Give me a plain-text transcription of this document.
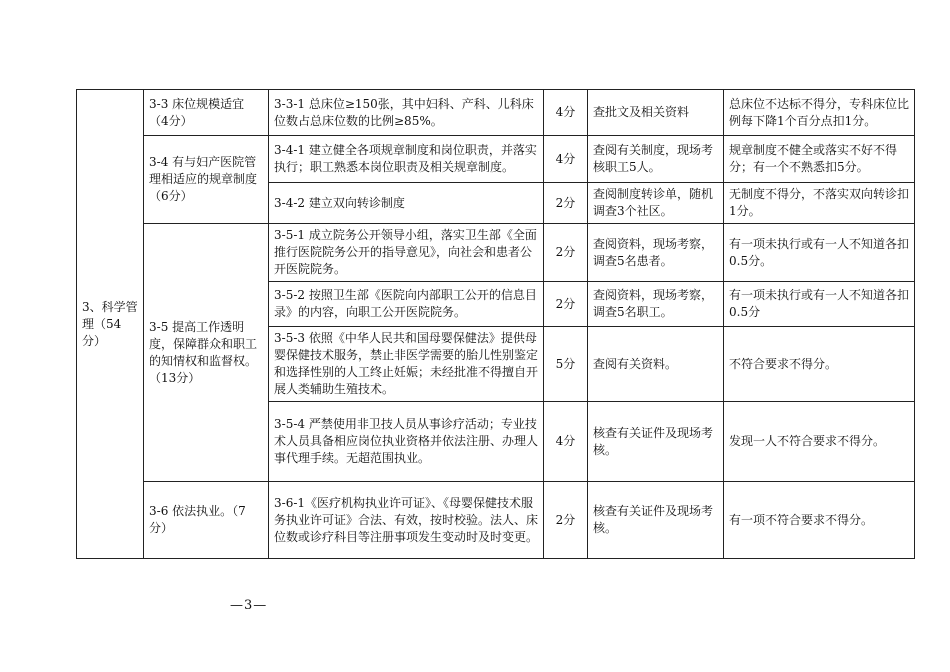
3、科学管理（54分）	3-3 床位规模适宜（4分）	3-3-1 总床位≥150张，其中妇科、产科、儿科床位数占总床位数的比例≥85%。	4分	查批文及相关资料	总床位不达标不得分，专科床位比例每下降1个百分点扣1分。
	3-4 有与妇产医院管理相适应的规章制度（6分）	3-4-1 建立健全各项规章制度和岗位职责，并落实执行；职工熟悉本岗位职责及相关规章制度。	4分	查阅有关制度，现场考核职工5人。	规章制度不健全或落实不好不得分；有一个不熟悉扣5分。
		3-4-2 建立双向转诊制度	2分	查阅制度转诊单，随机调查3个社区。	无制度不得分，不落实双向转诊扣1分。
	3-5 提高工作透明度，保障群众和职工的知情权和监督权。（13分）	3-5-1 成立院务公开领导小组，落实卫生部《全面推行医院院务公开的指导意见》，向社会和患者公开医院院务。	2分	查阅资料，现场考察，调查5名患者。	有一项未执行或有一人不知道各扣0.5分。
		3-5-2 按照卫生部《医院向内部职工公开的信息目录》的内容，向职工公开医院院务。	2分	查阅资料，现场考察，调查5名职工。	有一项未执行或有一人不知道各扣0.5分
		3-5-3 依照《中华人民共和国母婴保健法》提供母婴保健技术服务，禁止非医学需要的胎儿性别鉴定和选择性别的人工终止妊娠；未经批准不得擅自开展人类辅助生殖技术。	5分	查阅有关资料。	不符合要求不得分。
		3-5-4 严禁使用非卫技人员从事诊疗活动；专业技术人员具备相应岗位执业资格并依法注册、办理人事代理手续。无超范围执业。	4分	核查有关证件及现场考核。	发现一人不符合要求不得分。
	3-6 依法执业。（7分）	3-6-1《医疗机构执业许可证》、《母婴保健技术服务执业许可证》合法、有效，按时校验。法人、床位数或诊疗科目等注册事项发生变动时及时变更。	2分	核查有关证件及现场考核。	有一项不符合要求不得分。
—3—
